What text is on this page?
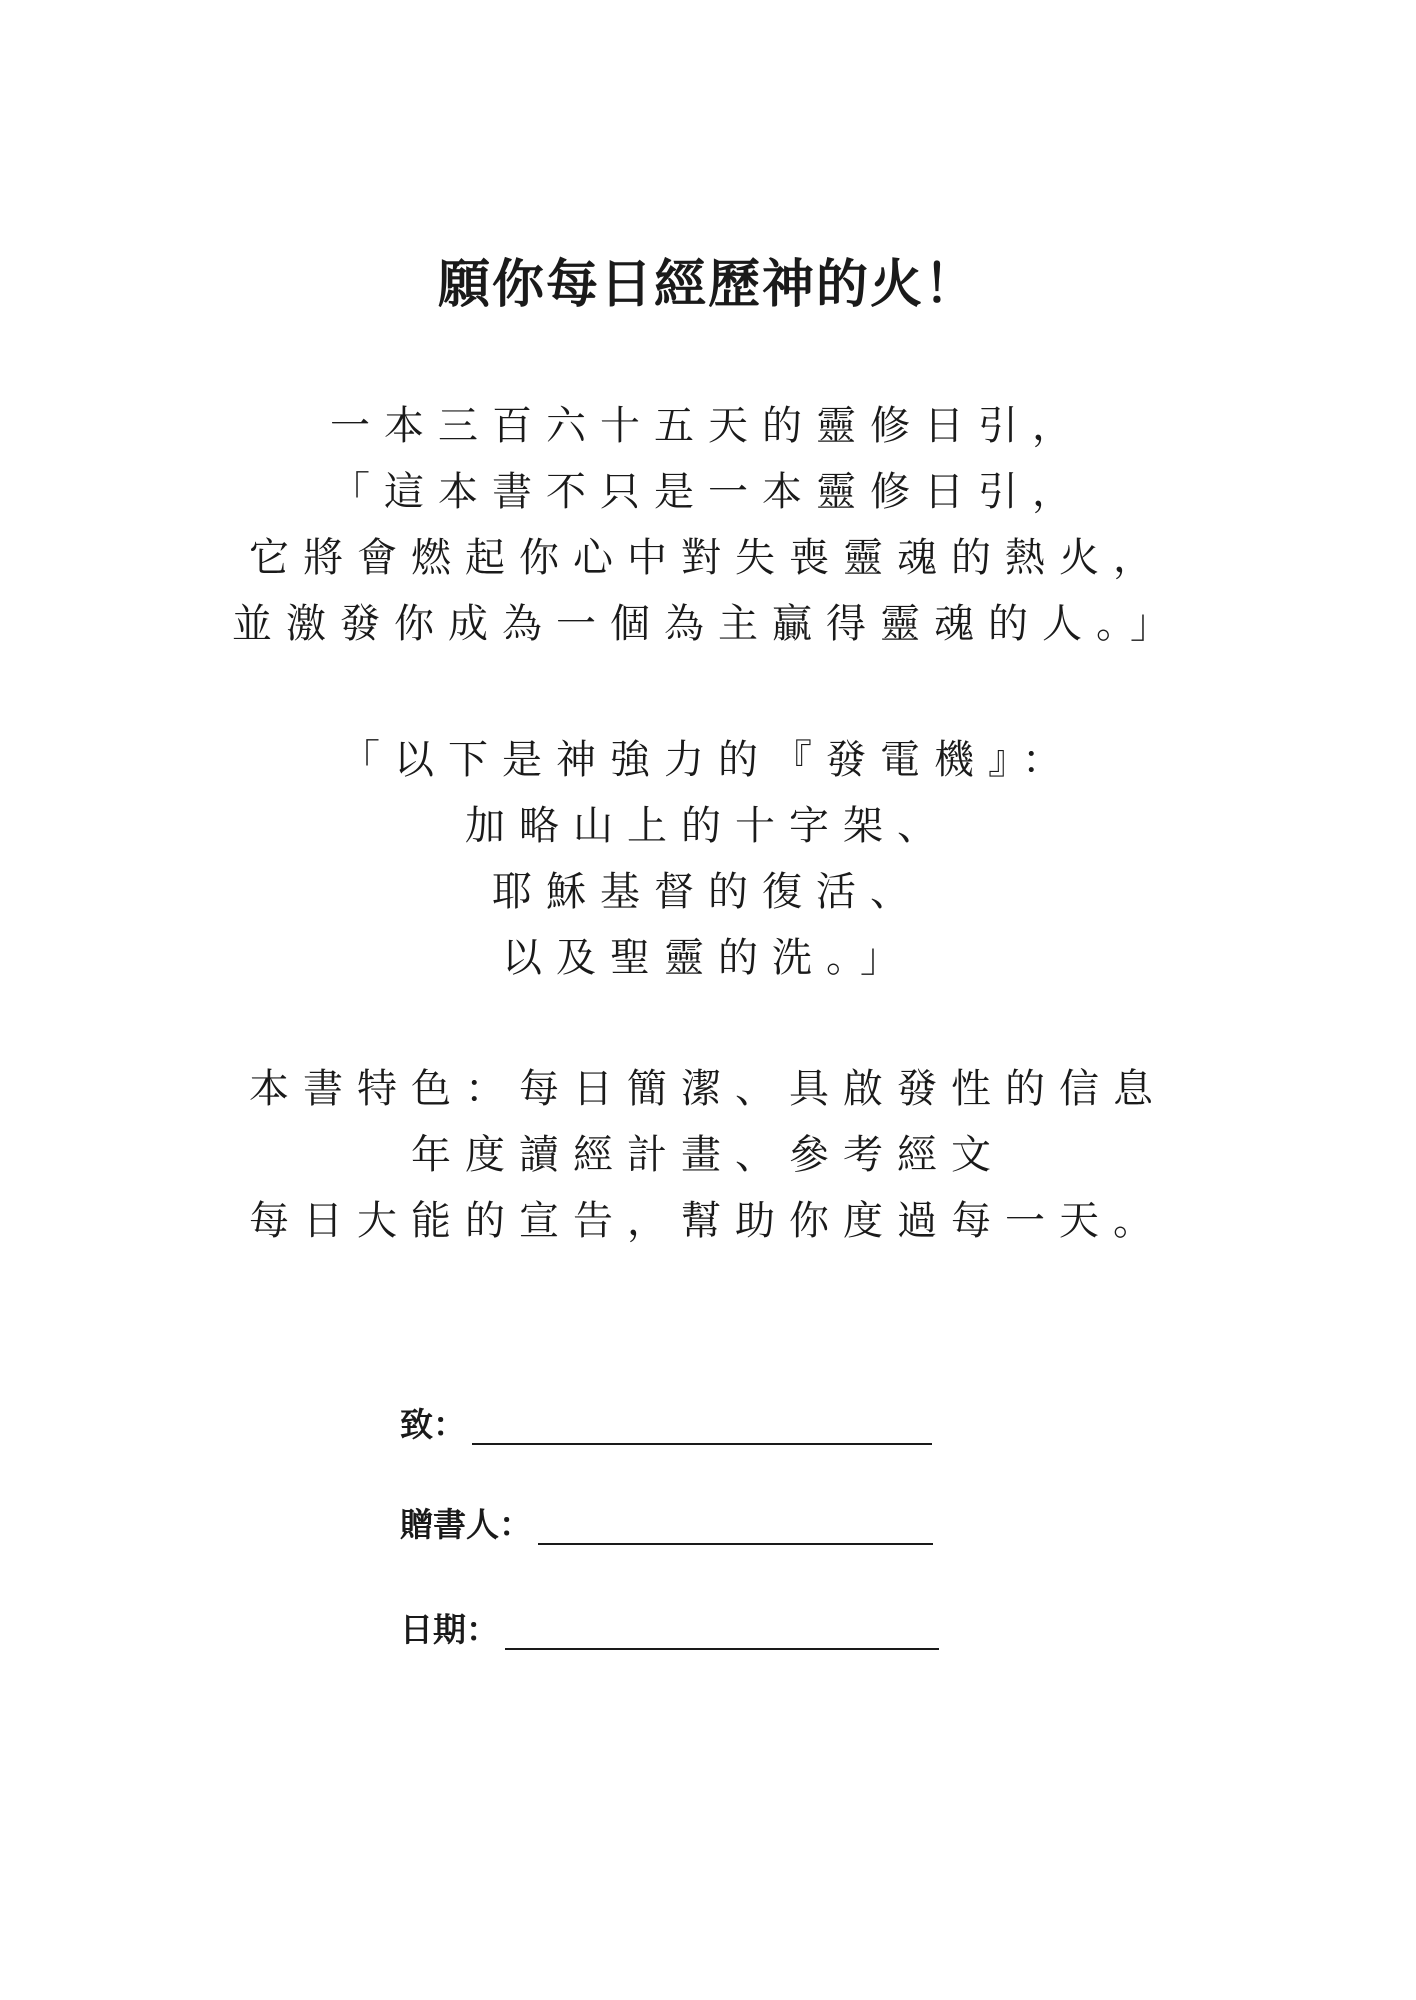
願你每日經歷神的火！
一本三百六十五天的靈修日引，
「這本書不只是一本靈修日引，
它將會燃起你心中對失喪靈魂的熱火，
並激發你成為一個為主贏得靈魂的人。」
「以下是神強力的『發電機』：
加略山上的十字架、
耶穌基督的復活、
以及聖靈的洗。」
本書特色：每日簡潔、具啟發性的信息
年度讀經計畫、參考經文
每日大能的宣告，幫助你度過每一天。
致：
贈書人：
日期：
